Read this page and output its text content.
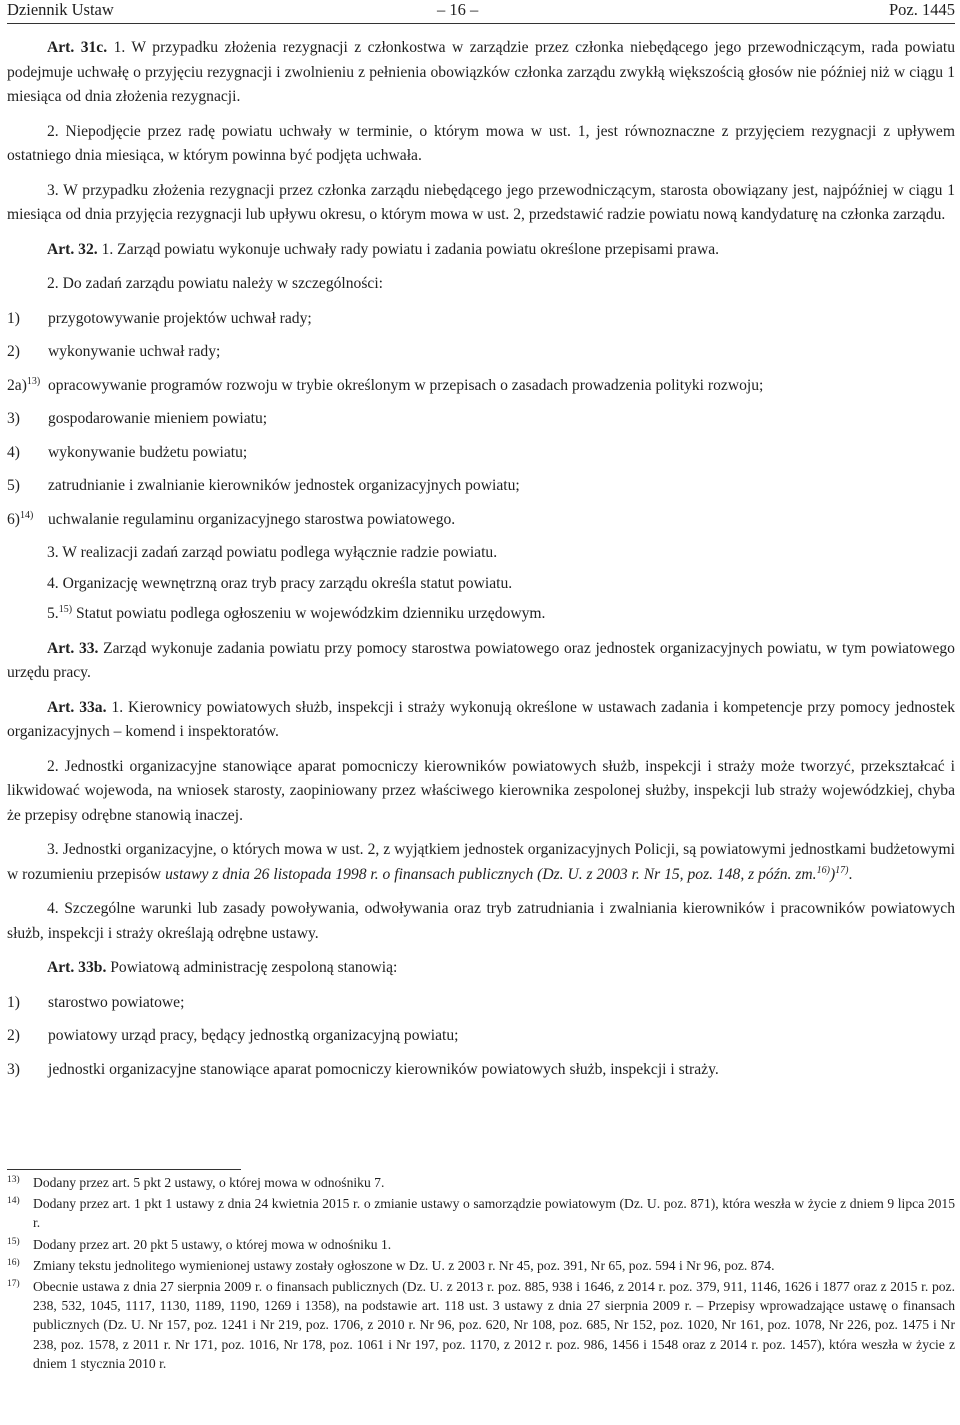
Dziennik Ustaw	– 16 –	Poz. 1445

Art. 31c. 1. W przypadku złożenia rezygnacji z członkostwa w zarządzie przez członka niebędącego jego przewodniczącym, rada powiatu podejmuje uchwałę o przyjęciu rezygnacji i zwolnieniu z pełnienia obowiązków członka zarządu zwykłą większością głosów nie później niż w ciągu 1 miesiąca od dnia złożenia rezygnacji.

2. Niepodjęcie przez radę powiatu uchwały w terminie, o którym mowa w ust. 1, jest równoznaczne z przyjęciem rezygnacji z upływem ostatniego dnia miesiąca, w którym powinna być podjęta uchwała.

3. W przypadku złożenia rezygnacji przez członka zarządu niebędącego jego przewodniczącym, starosta obowiązany jest, najpóźniej w ciągu 1 miesiąca od dnia przyjęcia rezygnacji lub upływu okresu, o którym mowa w ust. 2, przedstawić radzie powiatu nową kandydaturę na członka zarządu.

Art. 32. 1. Zarząd powiatu wykonuje uchwały rady powiatu i zadania powiatu określone przepisami prawa.

2. Do zadań zarządu powiatu należy w szczególności:

1)	przygotowywanie projektów uchwał rady;
2)	wykonywanie uchwał rady;
2a)$^{13)}$ opracowywanie programów rozwoju w trybie określonym w przepisach o zasadach prowadzenia polityki rozwoju;
3)	gospodarowanie mieniem powiatu;
4)	wykonywanie budżetu powiatu;
5)	zatrudnianie i zwalnianie kierowników jednostek organizacyjnych powiatu;
6)$^{14)}$ uchwalanie regulaminu organizacyjnego starostwa powiatowego.

3. W realizacji zadań zarząd powiatu podlega wyłącznie radzie powiatu.

4. Organizację wewnętrzną oraz tryb pracy zarządu określa statut powiatu.

5.$^{15)}$ Statut powiatu podlega ogłoszeniu w wojewódzkim dzienniku urzędowym.

Art. 33. Zarząd wykonuje zadania powiatu przy pomocy starostwa powiatowego oraz jednostek organizacyjnych powiatu, w tym powiatowego urzędu pracy.

Art. 33a. 1. Kierownicy powiatowych służb, inspekcji i straży wykonują określone w ustawach zadania i kompetencje przy pomocy jednostek organizacyjnych – komend i inspektoratów.

2. Jednostki organizacyjne stanowiące aparat pomocniczy kierowników powiatowych służb, inspekcji i straży może tworzyć, przekształcać i likwidować wojewoda, na wniosek starosty, zaopiniowany przez właściwego kierownika zespolonej służby, inspekcji lub straży wojewódzkiej, chyba że przepisy odrębne stanowią inaczej.

3. Jednostki organizacyjne, o których mowa w ust. 2, z wyjątkiem jednostek organizacyjnych Policji, są powiatowymi jednostkami budżetowymi w rozumieniu przepisów ustawy z dnia 26 listopada 1998 r. o finansach publicznych (Dz. U. z 2003 r. Nr 15, poz. 148, z późn. zm.$^{16)}$)$^{17)}$.

4. Szczególne warunki lub zasady powoływania, odwoływania oraz tryb zatrudniania i zwalniania kierowników i pracowników powiatowych służb, inspekcji i straży określają odrębne ustawy.

Art. 33b. Powiatową administrację zespoloną stanowią:

1)	starostwo powiatowe;
2)	powiatowy urząd pracy, będący jednostką organizacyjną powiatu;
3)	jednostki organizacyjne stanowiące aparat pomocniczy kierowników powiatowych służb, inspekcji i straży.
13) Dodany przez art. 5 pkt 2 ustawy, o której mowa w odnośniku 7.
14) Dodany przez art. 1 pkt 1 ustawy z dnia 24 kwietnia 2015 r. o zmianie ustawy o samorządzie powiatowym (Dz. U. poz. 871), która weszła w życie z dniem 9 lipca 2015 r.
15) Dodany przez art. 20 pkt 5 ustawy, o której mowa w odnośniku 1.
16) Zmiany tekstu jednolitego wymienionej ustawy zostały ogłoszone w Dz. U. z 2003 r. Nr 45, poz. 391, Nr 65, poz. 594 i Nr 96, poz. 874.
17) Obecnie ustawa z dnia 27 sierpnia 2009 r. o finansach publicznych (Dz. U. z 2013 r. poz. 885, 938 i 1646, z 2014 r. poz. 379, 911, 1146, 1626 i 1877 oraz z 2015 r. poz. 238, 532, 1045, 1117, 1130, 1189, 1190, 1269 i 1358), na podstawie art. 118 ust. 3 ustawy z dnia 27 sierpnia 2009 r. – Przepisy wprowadzające ustawę o finansach publicznych (Dz. U. Nr 157, poz. 1241 i Nr 219, poz. 1706, z 2010 r. Nr 96, poz. 620, Nr 108, poz. 685, Nr 152, poz. 1020, Nr 161, poz. 1078, Nr 226, poz. 1475 i Nr 238, poz. 1578, z 2011 r. Nr 171, poz. 1016, Nr 178, poz. 1061 i Nr 197, poz. 1170, z 2012 r. poz. 986, 1456 i 1548 oraz z 2014 r. poz. 1457), która weszła w życie z dniem 1 stycznia 2010 r.
